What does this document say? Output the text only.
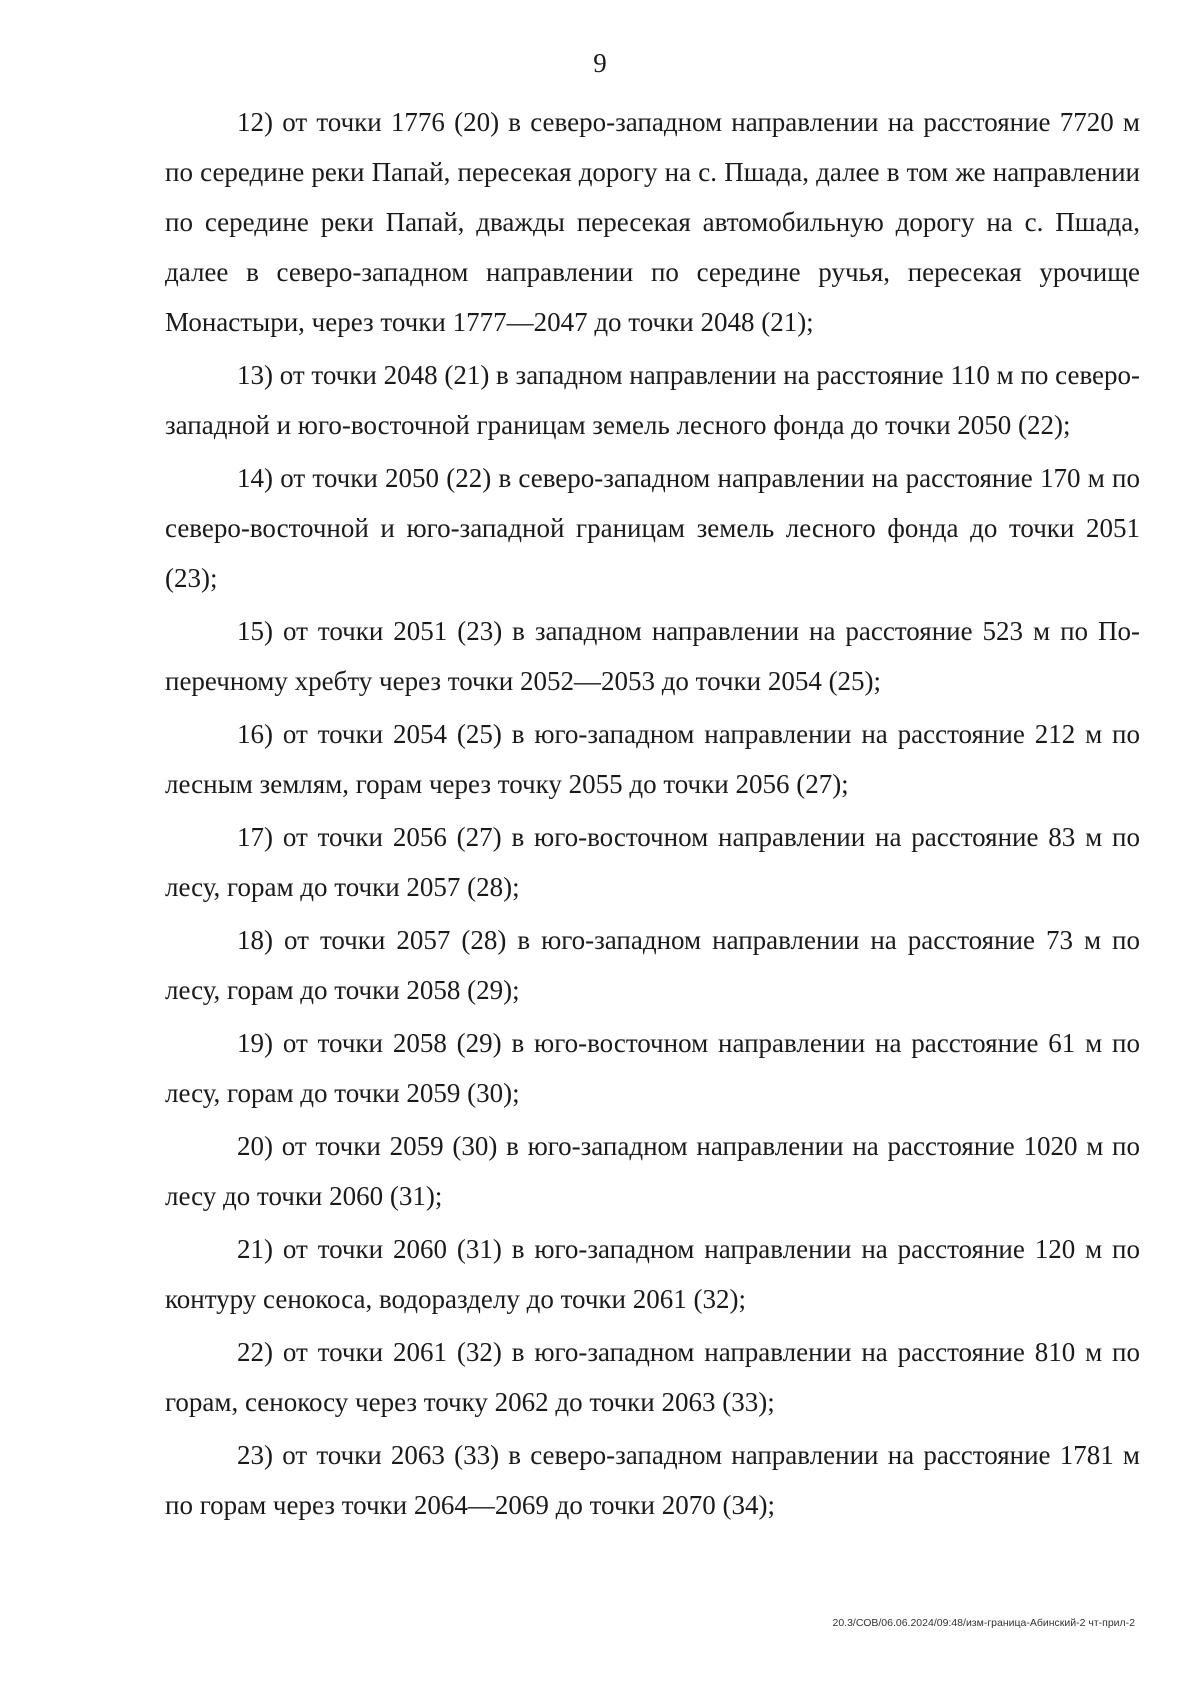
9

12) от точки 1776 (20) в северо-западном направлении на расстояние 7720 м по середине реки Папай, пересекая дорогу на с. Пшада, далее в том же направлении по середине реки Папай, дважды пересекая автомобильную дорогу на с. Пшада, далее в северо-западном направлении по середине ручья, пересекая урочище Монастыри, через точки 1777—2047 до точки 2048 (21);

13) от точки 2048 (21) в западном направлении на расстояние 110 м по северо-западной и юго-восточной границам земель лесного фонда до точки 2050 (22);

14) от точки 2050 (22) в северо-западном направлении на расстояние 170 м по северо-восточной и юго-западной границам земель лесного фонда до точки 2051 (23);

15) от точки 2051 (23) в западном направлении на расстояние 523 м по Поперечному хребту через точки 2052—2053 до точки 2054 (25);

16) от точки 2054 (25) в юго-западном направлении на расстояние 212 м по лесным землям, горам через точку 2055 до точки 2056 (27);

17) от точки 2056 (27) в юго-восточном направлении на расстояние 83 м по лесу, горам до точки 2057 (28);

18) от точки 2057 (28) в юго-западном направлении на расстояние 73 м по лесу, горам до точки 2058 (29);

19) от точки 2058 (29) в юго-восточном направлении на расстояние 61 м по лесу, горам до точки 2059 (30);

20) от точки 2059 (30) в юго-западном направлении на расстояние 1020 м по лесу до точки 2060 (31);

21) от точки 2060 (31) в юго-западном направлении на расстояние 120 м по контуру сенокоса, водоразделу до точки 2061 (32);

22) от точки 2061 (32) в юго-западном направлении на расстояние 810 м по горам, сенокосу через точку 2062 до точки 2063 (33);

23) от точки 2063 (33) в северо-западном направлении на расстояние 1781 м по горам через точки 2064—2069 до точки 2070 (34);

20.3/СОВ/06.06.2024/09:48/изм-граница-Абинский-2 чт-прил-2
